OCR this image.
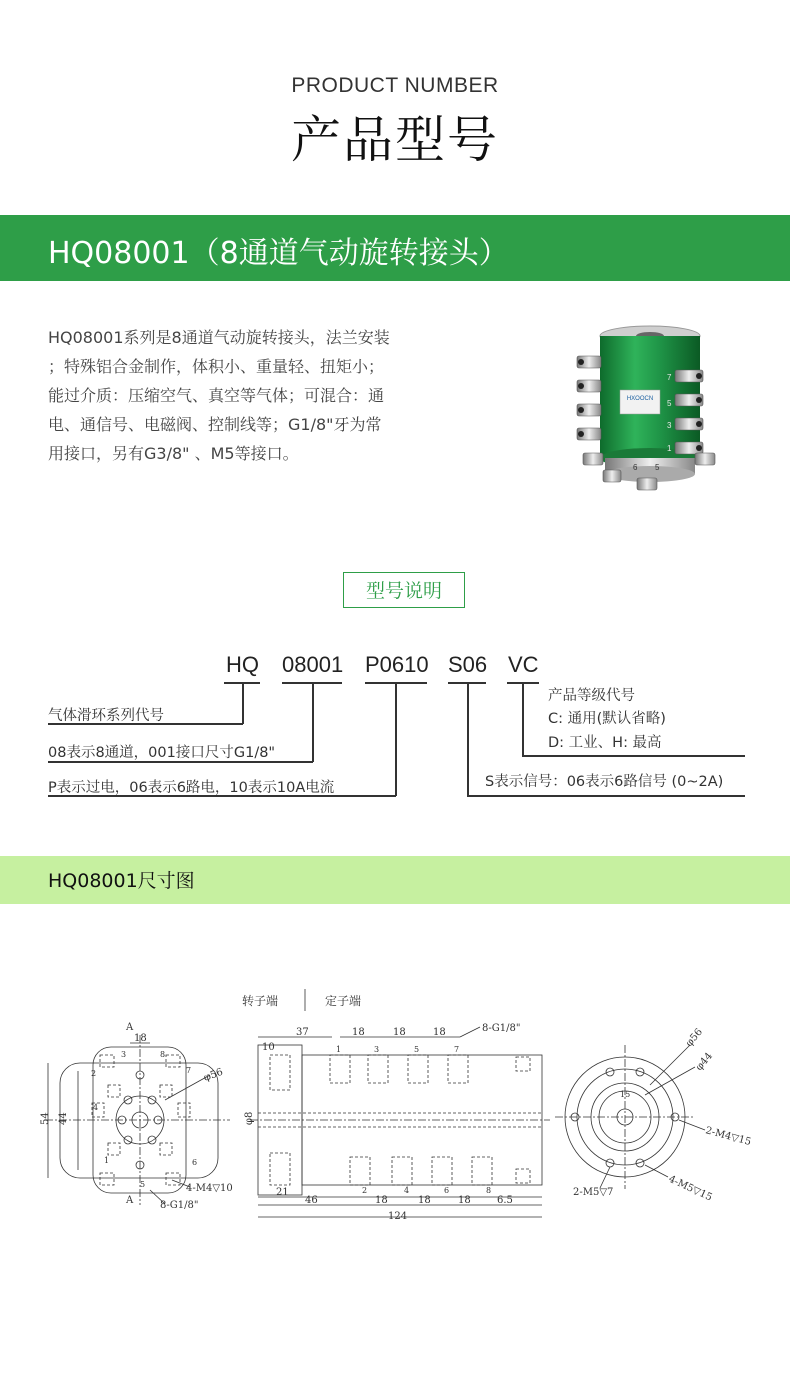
PRODUCT NUMBER
产品型号
HQ08001（8通道气动旋转接头）
HQ08001系列是8通道气动旋转接头，法兰安装
；特殊铝合金制作，体积小、重量轻、扭矩小；
能过介质：压缩空气、真空等气体；可混合：通
电、通信号、电磁阀、控制线等；G1/8"牙为常
用接口，另有G3/8" 、M5等接口。
HXOOCN
7
5
3
1
6 5
型号说明
HQ 08001 P0610 S06 VC
气体滑环系列代号
08表示8通道，001接口尺寸G1/8"
P表示过电，06表示6路电，10表示10A电流	S表示信号：06表示6路信号 (0~2A)
产品等级代号
C: 通用(默认省略)
D: 工业、H: 最高
HQ08001尺寸图
转子端	定子端
18
54 44
φ56
A
A
4-M4▽10
8-G1/8"
1
2
3
4
5
6
7
8
10
37	18	18	18	8-G1/8"
φ8
21
46	18	18	18	6.5
124
1	3	5	7
2	4	6	8
φ56
φ44
15
2-M4▽15
2-M5▽7	4-M5▽15
